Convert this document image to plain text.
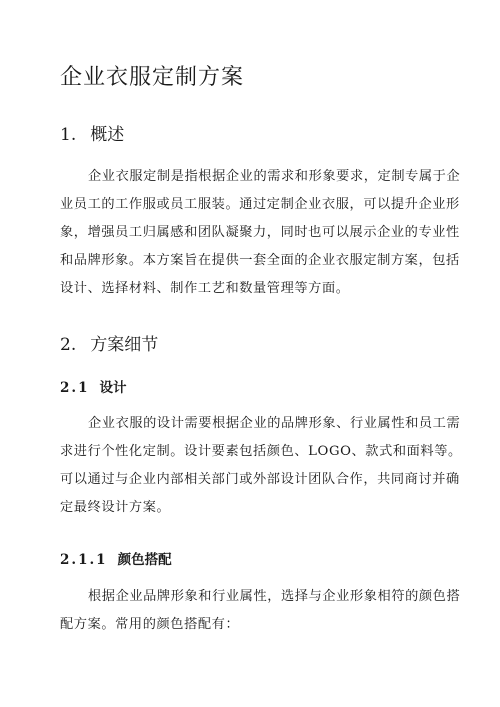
企业衣服定制方案
1. 概述
企业衣服定制是指根据企业的需求和形象要求，定制专属于企
业员工的工作服或员工服装。通过定制企业衣服，可以提升企业形
象，增强员工归属感和团队凝聚力，同时也可以展示企业的专业性
和品牌形象。本方案旨在提供一套全面的企业衣服定制方案，包括
设计、选择材料、制作工艺和数量管理等方面。
2. 方案细节
2.1 设计
企业衣服的设计需要根据企业的品牌形象、行业属性和员工需
求进行个性化定制。设计要素包括颜色、LOGO、款式和面料等。
可以通过与企业内部相关部门或外部设计团队合作，共同商讨并确
定最终设计方案。
2.1.1 颜色搭配
根据企业品牌形象和行业属性，选择与企业形象相符的颜色搭
配方案。常用的颜色搭配有：
